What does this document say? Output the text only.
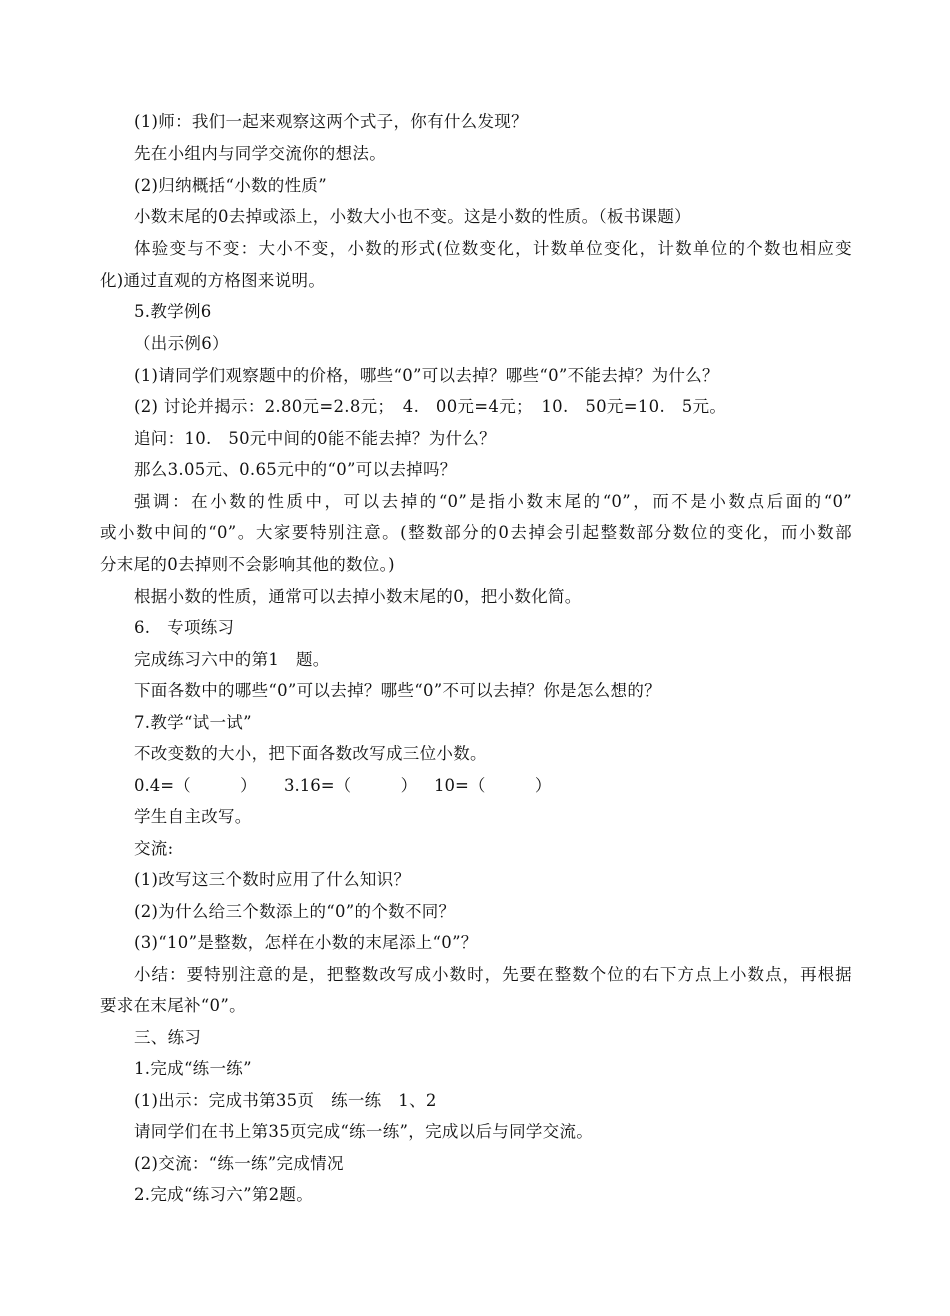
(1)师：我们一起来观察这两个式子，你有什么发现？
先在小组内与同学交流你的想法。
(2)归纳概括“小数的性质”
小数末尾的0去掉或添上，小数大小也不变。这是小数的性质。（板书课题）
体验变与不变：大小不变，小数的形式(位数变化，计数单位变化，计数单位的个数也相应变
化)通过直观的方格图来说明。
5.教学例6
（出示例6）
(1)请同学们观察题中的价格，哪些“0”可以去掉？哪些“0”不能去掉？为什么？
(2) 讨论并揭示：2.80元=2.8元；　4.　00元=4元；　10.　50元=10.　5元。
追问：10.　50元中间的0能不能去掉？为什么？
那么3.05元、0.65元中的“0”可以去掉吗？
强调：在小数的性质中，可以去掉的“0”是指小数末尾的“0”，而不是小数点后面的“0”
或小数中间的“0”。大家要特别注意。(整数部分的0去掉会引起整数部分数位的变化，而小数部
分末尾的0去掉则不会影响其他的数位。)
根据小数的性质，通常可以去掉小数末尾的0，把小数化简。
6.　专项练习
完成练习六中的第1　题。
下面各数中的哪些“0”可以去掉？哪些“0”不可以去掉？你是怎么想的？
7.教学“试一试”
不改变数的大小，把下面各数改写成三位小数。
0.4=（　　　） 3.16=（　　　） 10=（　　　）
学生自主改写。
交流:
(1)改写这三个数时应用了什么知识？
(2)为什么给三个数添上的“0”的个数不同？
(3)“10”是整数，怎样在小数的末尾添上“0”？
小结：要特别注意的是，把整数改写成小数时，先要在整数个位的右下方点上小数点，再根据
要求在末尾补“0”。
三、练习
1.完成“练一练”
(1)出示：完成书第35页　练一练　1、2
请同学们在书上第35页完成“练一练”，完成以后与同学交流。
(2)交流：“练一练”完成情况
2.完成“练习六”第2题。
